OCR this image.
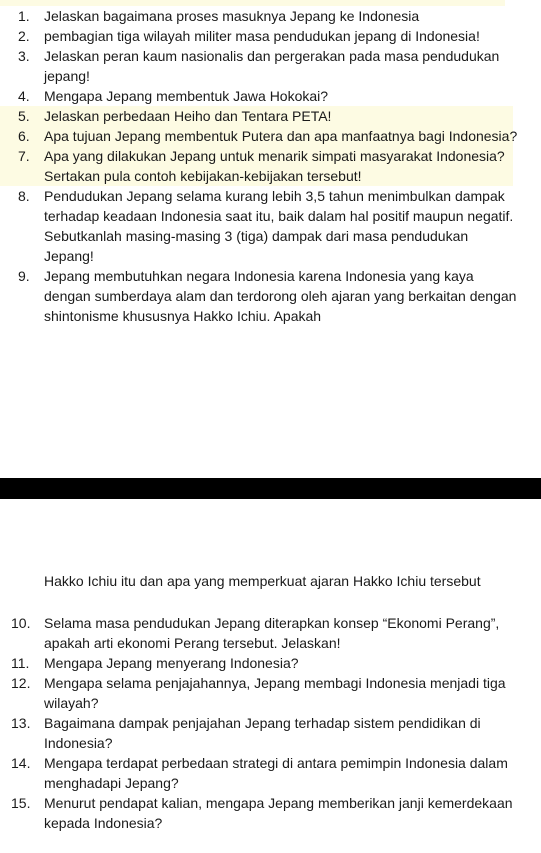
1. Jelaskan bagaimana proses masuknya Jepang ke Indonesia
2. pembagian tiga wilayah militer masa pendudukan jepang di Indonesia!
3. Jelaskan peran kaum nasionalis dan pergerakan pada masa pendudukan jepang!
4. Mengapa Jepang membentuk Jawa Hokokai?
5. Jelaskan perbedaan Heiho dan Tentara PETA!
6. Apa tujuan Jepang membentuk Putera dan apa manfaatnya bagi Indonesia?
7. Apa yang dilakukan Jepang untuk menarik simpati masyarakat Indonesia? Sertakan pula contoh kebijakan-kebijakan tersebut!
8. Pendudukan Jepang selama kurang lebih 3,5 tahun menimbulkan dampak terhadap keadaan Indonesia saat itu, baik dalam hal positif maupun negatif. Sebutkanlah masing-masing 3 (tiga) dampak dari masa pendudukan Jepang!
9. Jepang membutuhkan negara Indonesia karena Indonesia yang kaya dengan sumberdaya alam dan terdorong oleh ajaran yang berkaitan dengan shintonisme khususnya Hakko Ichiu. Apakah
Hakko Ichiu itu dan apa yang memperkuat ajaran Hakko Ichiu tersebut
10. Selama masa pendudukan Jepang diterapkan konsep “Ekonomi Perang”, apakah arti ekonomi Perang tersebut. Jelaskan!
11. Mengapa Jepang menyerang Indonesia?
12. Mengapa selama penjajahannya, Jepang membagi Indonesia menjadi tiga wilayah?
13. Bagaimana dampak penjajahan Jepang terhadap sistem pendidikan di Indonesia?
14. Mengapa terdapat perbedaan strategi di antara pemimpin Indonesia dalam menghadapi Jepang?
15. Menurut pendapat kalian, mengapa Jepang memberikan janji kemerdekaan kepada Indonesia?
